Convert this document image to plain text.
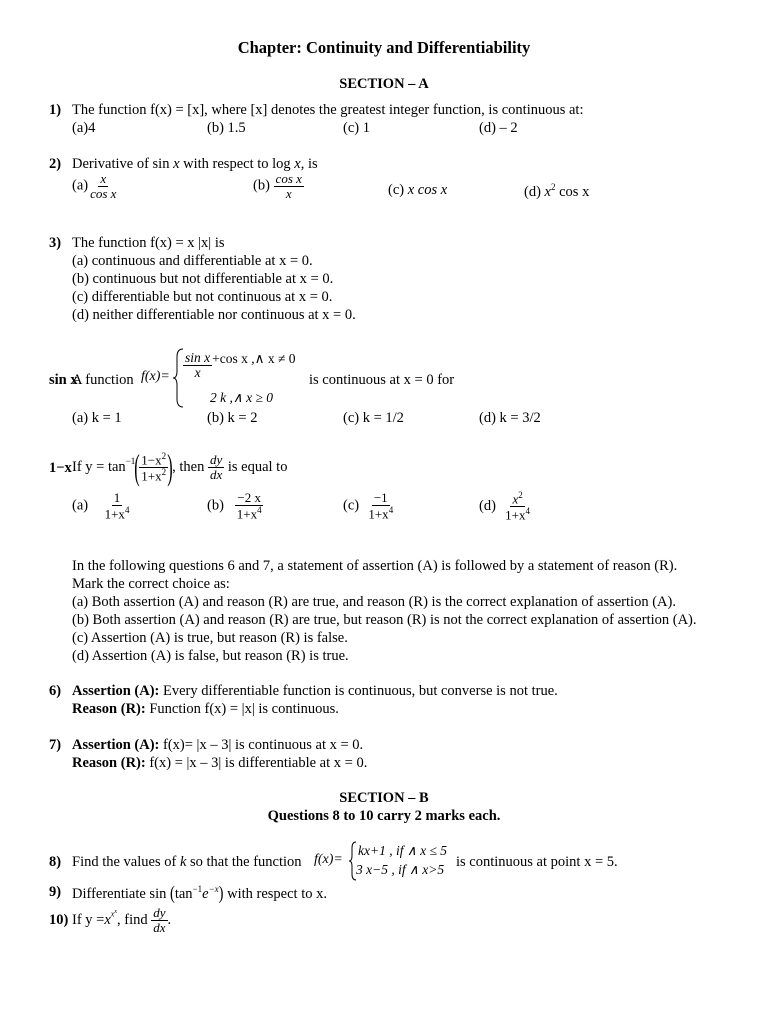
Chapter: Continuity and Differentiability
SECTION – A
1) The function f(x) = [x], where [x] denotes the greatest integer function, is continuous at:
(a)4	(b) 1.5	(c) 1	(d) – 2
2) Derivative of sin x with respect to log x, is
$(a) \frac{x}{\text{cos x}}$	$(b) \frac{\text{cos x}}{x}$	(c) x cos x	(d) $x^2$ cos x
3) The function f(x) = x |x| is
(a) continuous and differentiable at x = 0.
(b) continuous but not differentiable at x = 0.
(c) differentiable but not continuous at x = 0.
(d) neither differentiable nor continuous at x = 0.
sin x
A function $f(x)= \frac{\text{sin x}}{x} +\cos$ x ,∧ x ≠ 0
2 k ,∧ x ≥ 0
is continuous at x = 0 for
(a) k = 1	(b) k = 2	(c) k = 1/2	(d) k = 3/2
1−x If $y = \tan^{-1}$ ( $\frac{1-x^2}{1+x^2}$ ) , then
$\frac{dy}{dx}$
is equal to
$(a) \frac{1}{1+x^4}$	$(b) \frac{-2 x}{1+x^4}$	$(c) \frac{-1}{1+x^4}$	$(d) \frac{x^2}{1+x^4}$
In the following questions 6 and 7, a statement of assertion (A) is followed by a statement of reason (R).
Mark the correct choice as:
(a) Both assertion (A) and reason (R) are true, and reason (R) is the correct explanation of assertion (A).
(b) Both assertion (A) and reason (R) are true, but reason (R) is not the correct explanation of assertion (A).
(c) Assertion (A) is true, but reason (R) is false.
(d) Assertion (A) is false, but reason (R) is true.
6) Assertion (A): Every differentiable function is continuous, but converse is not true.
Reason (R): Function f(x) = |x| is continuous.
7) Assertion (A): f(x)= |x – 3| is continuous at x = 0.
Reason (R): f(x) = |x – 3| is differentiable at x = 0.
SECTION – B
Questions 8 to 10 carry 2 marks each.
8) Find the values of k so that the function f(x)=
kx+1 , if ∧ x ≤ 5
3 x−5 , if ∧ x>5 is continuous at point x = 5.
9) Differentiate $\sin (\tan^{-1}e^{-x})$ with respect to x.
10) If y = x $^{x^x}$ , find
$\frac{dy}{dx}$ .
